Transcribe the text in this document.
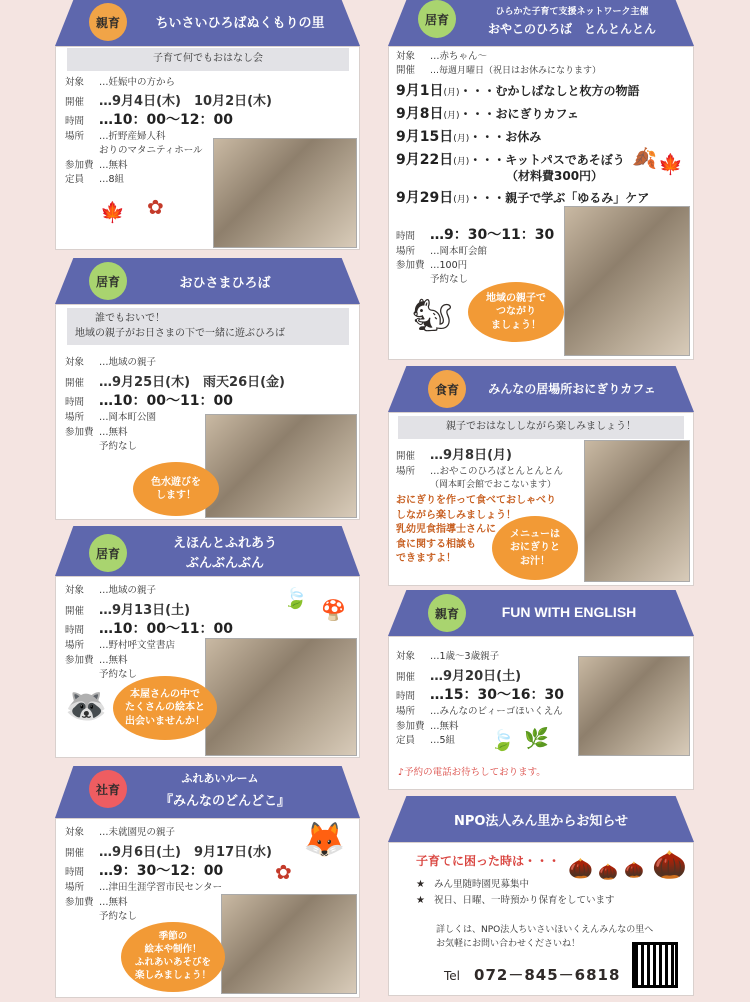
親育	ちいさいひろばぬくもりの里
子育て何でもおはなし会
対象	…妊娠中の方から
開催	…9月4日(木)　10月2日(木)
時間	…10：00～12：00
場所	…折野産婦人科
おりのマタニティホール
参加費 …無料
定員	…8組
🍁 ✿
居育	おひさまひろば
誰でもおいで！
地域の親子がお日さまの下で一緒に遊ぶひろば
対象	…地域の親子
開催	…9月25日(木)　雨天26日(金)
時間	…10：00～11：00
場所	…岡本町公園
参加費 …無料
予約なし
色水遊びを
します！
居育
えほんとふれあう
ぶんぶんぶん
対象	…地域の親子
開催	…9月13日(土)
時間	…10：00～11：00
場所	…野村呼文堂書店
参加費 …無料
予約なし
🍃 🍄
🦝	本屋さんの中で
たくさんの絵本と
出会いませんか！
社育
ふれあいルーム
『みんなのどんどこ』
対象	…未就園児の親子
開催	…9月6日(土)　9月17日(水)
時間	…9：30～12：00
場所	…津田生涯学習市民センター
参加費 …無料
予約なし
🦊
✿
季節の
絵本や制作！
ふれあいあそびを
楽しみましょう！
居育
ひらかた子育て支援ネットワーク主催
おやこのひろば　とんとんとん
対象	…赤ちゃん～
開催	…毎週月曜日（祝日はお休みになります）
9月1日(月)・・・むかしばなしと枚方の物語
9月8日(月)・・・おにぎりカフェ
9月15日(月)・・・お休み
9月22日(月)・・・キットパスであそぼう
（材料費300円）
9月29日(月)・・・親子で学ぶ「ゆるみ」ケア
🍂 🍁
時間	…9：30～11：30
場所	…岡本町会館
参加費 …100円
予約なし
🐿	地域の親子で
つながり
ましょう！
食育	みんなの居場所おにぎりカフェ
親子でおはなししながら楽しみましょう！
開催	…9月8日(月)
場所	…おやこのひろばとんとんとん
（岡本町会館でおこないます）
おにぎりを作って食べておしゃべり
しながら楽しみましょう！
乳幼児食指導士さんに
食に関する相談も
できますよ！
メニューは
おにぎりと
お汁！
親育	FUN WITH ENGLISH
対象	…1歳～3歳親子
開催	…9月20日(土)
時間	…15：30～16：30
場所	…みんなのビィーゴほいくえん
参加費 …無料
定員	…5組 🍃 🌿
♪予約の電話お待ちしております。
NPO法人みん里からお知らせ
子育てに困った時は・・・ 🌰 🌰 🌰 🌰
★ みん里随時園児募集中
★ 祝日、日曜、一時預かり保育をしています
詳しくは、NPO法人ちいさいほいくえんみんなの里へ
お気軽にお問い合わせくださいね！
Tel 072－845－6818
